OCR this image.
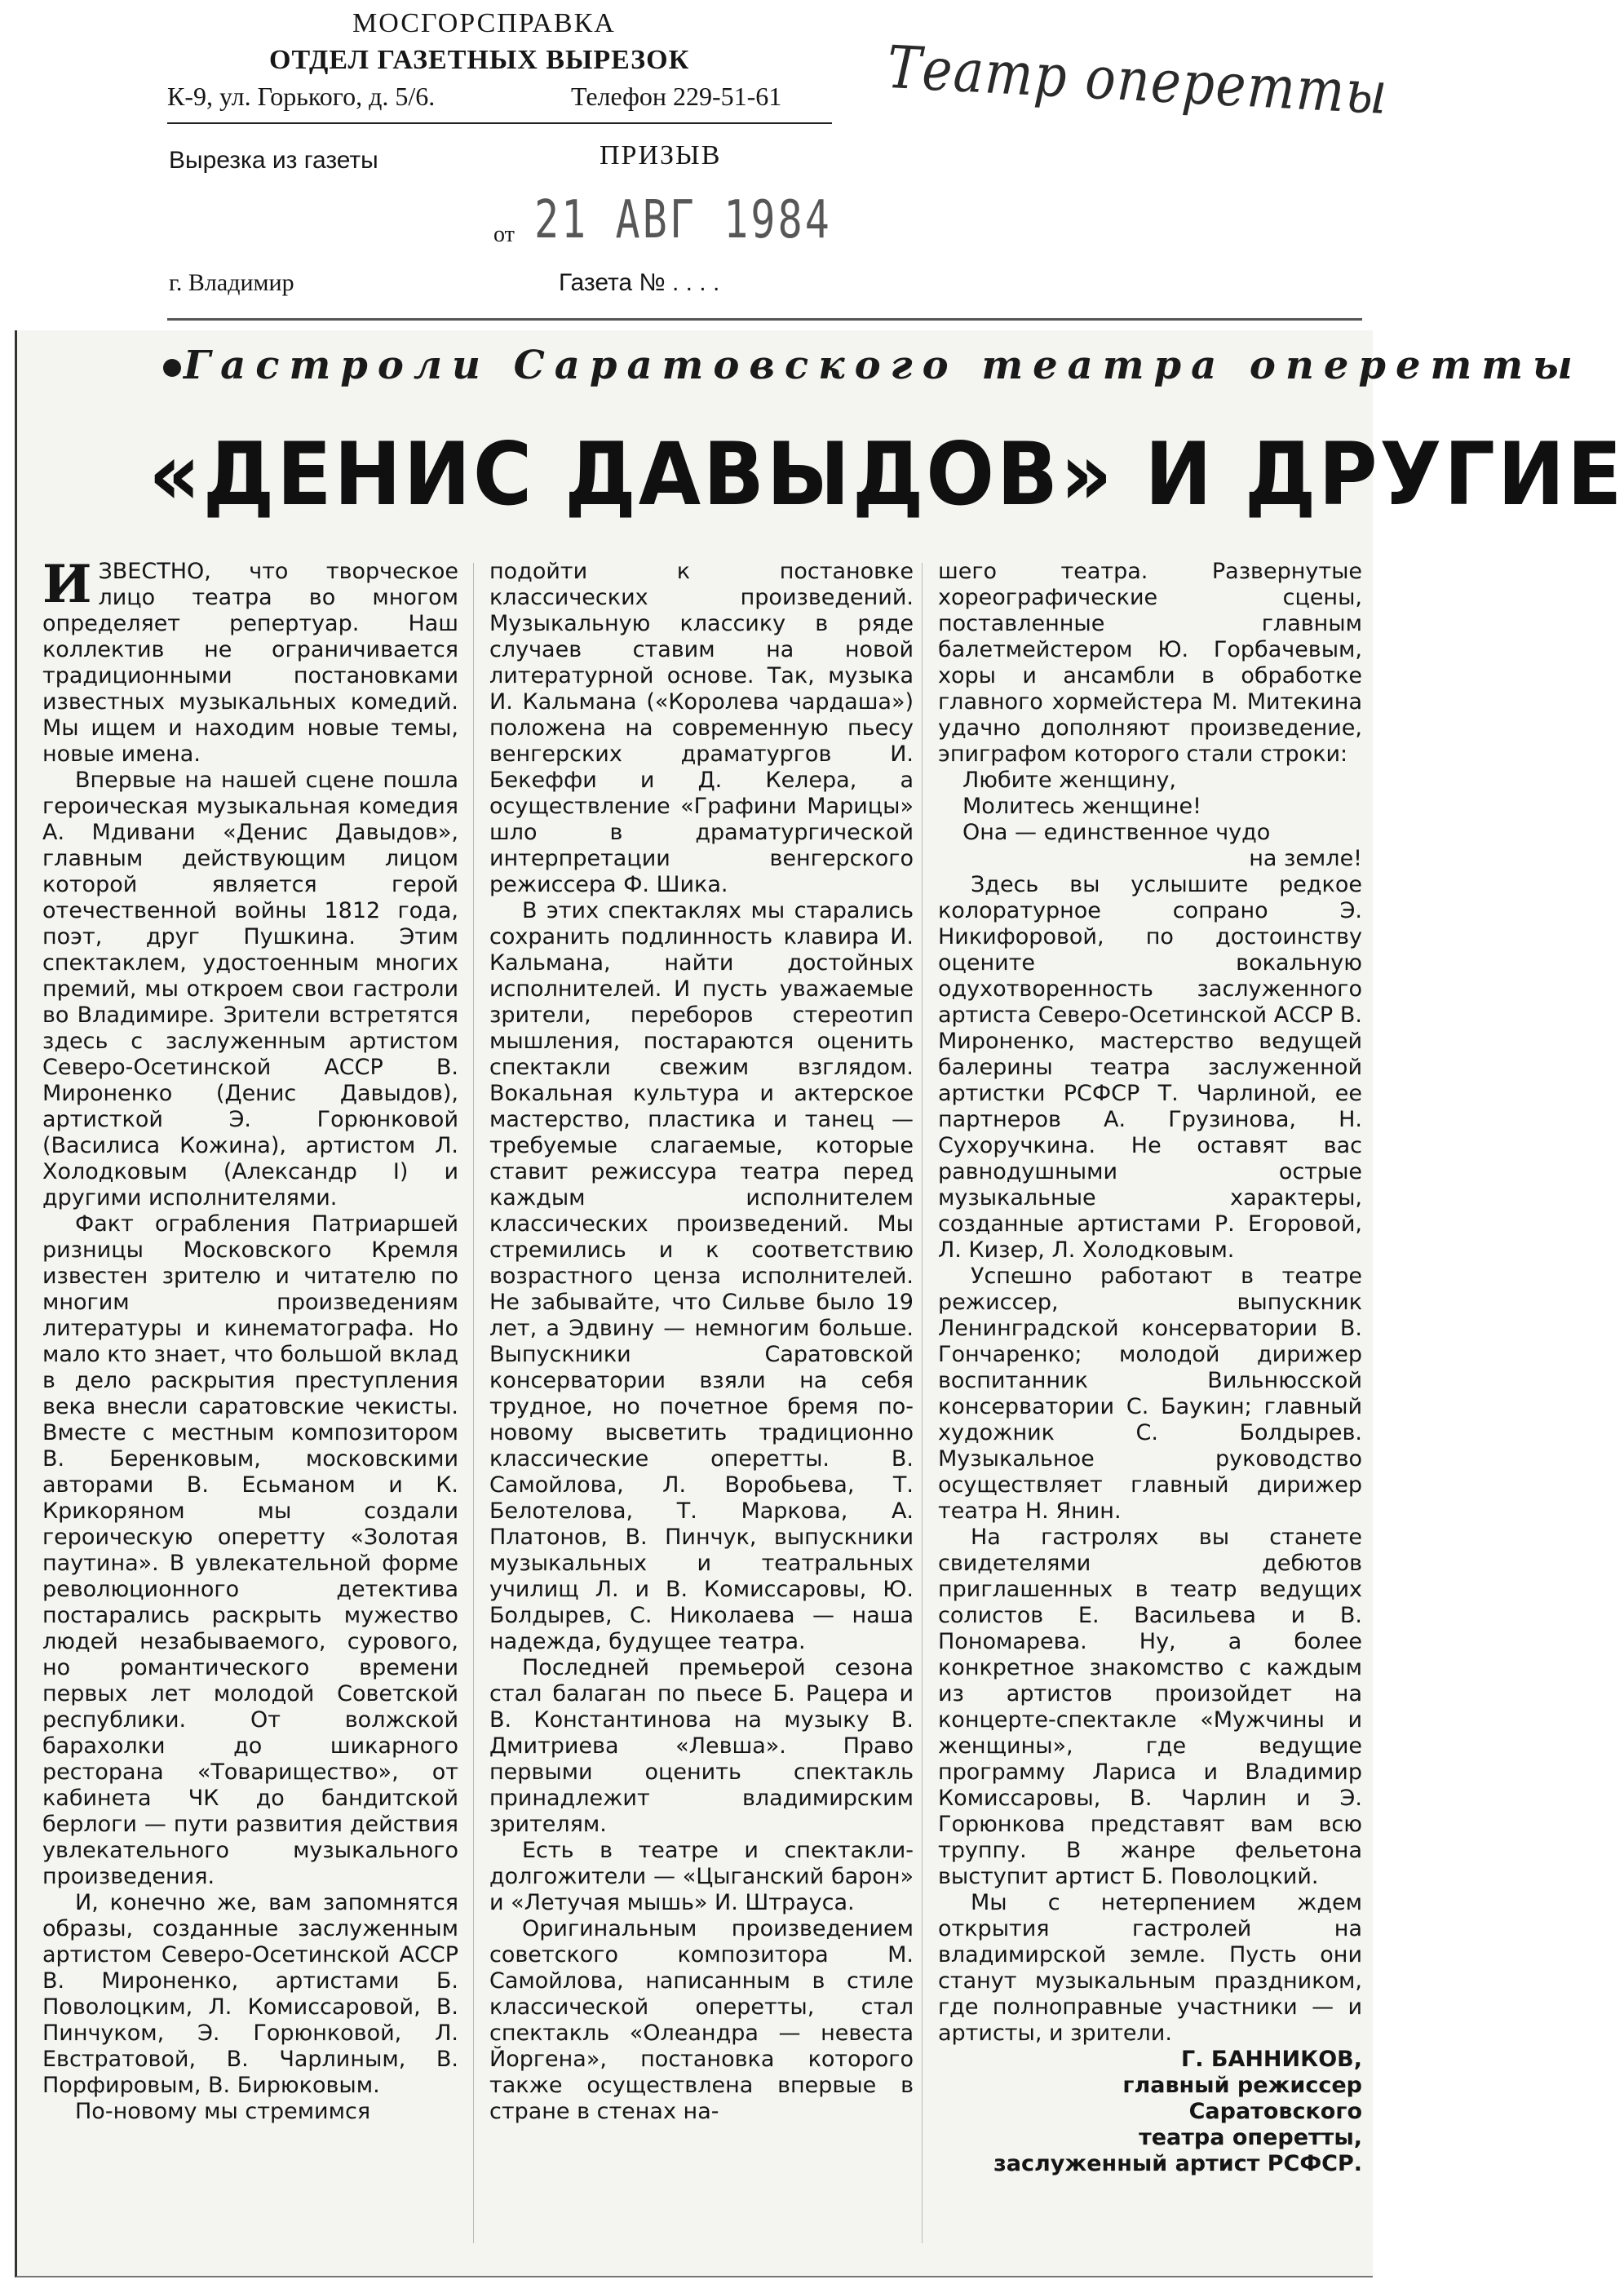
МОСГОРСПРАВКА
ОТДЕЛ ГАЗЕТНЫХ ВЫРЕЗОК
К-9, ул. Горького, д. 5/6.	Телефон 229-51-61
Вырезка из газеты	ПРИЗЫВ
от 21 АВГ 1984
г. Владимир	Газета № . . . .
Театр оперетты
Гастроли Саратовского театра оперетты
«ДЕНИС ДАВЫДОВ» И ДРУГИЕ

ИЗВЕСТНО, что творческое лицо театра во многом определяет репертуар. Наш коллектив не ограничивается традиционными постановками известных музыкальных комедий. Мы ищем и находим новые темы, новые имена.

Впервые на нашей сцене пошла героическая музыкальная комедия А. Мдивани «Денис Давыдов», главным действующим лицом которой является герой отечественной войны 1812 года, поэт, друг Пушкина. Этим спектаклем, удостоенным многих премий, мы откроем свои гастроли во Владимире. Зрители встретятся здесь с заслуженным артистом Северо-Осетинской АССР В. Мироненко (Денис Давыдов), артисткой Э. Горюнковой (Василиса Кожина), артистом Л. Холодковым (Александр I) и другими исполнителями.

Факт ограбления Патриаршей ризницы Московского Кремля известен зрителю и читателю по многим произведениям литературы и кинематографа. Но мало кто знает, что большой вклад в дело раскрытия преступления века внесли саратовские чекисты. Вместе с местным композитором В. Беренковым, московскими авторами В. Есьманом и К. Крикоряном мы создали героическую оперетту «Золотая паутина». В увлекательной форме революционного детектива постарались раскрыть мужество людей незабываемого, сурового, но романтического времени первых лет молодой Советской республики. От волжской барахолки до шикарного ресторана «Товарищество», от кабинета ЧК до бандитской берлоги — пути развития действия увлекательного музыкального произведения.

И, конечно же, вам запомнятся образы, созданные заслуженным артистом Северо-Осетинской АССР В. Мироненко, артистами Б. Поволоцким, Л. Комиссаровой, В. Пинчуком, Э. Горюнковой, Л. Евстратовой, В. Чарлиным, В. Порфировым, В. Бирюковым.

По-новому мы стремимся

подойти к постановке классических произведений. Музыкальную классику в ряде случаев ставим на новой литературной основе. Так, музыка И. Кальмана («Королева чардаша») положена на современную пьесу венгерских драматургов И. Бекеффи и Д. Келера, а осуществление «Графини Марицы» шло в драматургической интерпретации венгерского режиссера Ф. Шика.

В этих спектаклях мы старались сохранить подлинность клавира И. Кальмана, найти достойных исполнителей. И пусть уважаемые зрители, переборов стереотип мышления, постараются оценить спектакли свежим взглядом. Вокальная культура и актерское мастерство, пластика и танец — требуемые слагаемые, которые ставит режиссура театра перед каждым исполнителем классических произведений. Мы стремились и к соответствию возрастного ценза исполнителей. Не забывайте, что Сильве было 19 лет, а Эдвину — немногим больше. Выпускники Саратовской консерватории взяли на себя трудное, но почетное бремя по-новому высветить традиционно классические оперетты. В. Самойлова, Л. Воробьева, Т. Белотелова, Т. Маркова, А. Платонов, В. Пинчук, выпускники музыкальных и театральных училищ Л. и В. Комиссаровы, Ю. Болдырев, С. Николаева — наша надежда, будущее театра.

Последней премьерой сезона стал балаган по пьесе Б. Рацера и В. Константинова на музыку В. Дмитриева «Левша». Право первыми оценить спектакль принадлежит владимирским зрителям.

Есть в театре и спектакли-долгожители — «Цыганский барон» и «Летучая мышь» И. Штрауса.

Оригинальным произведением советского композитора М. Самойлова, написанным в стиле классической оперетты, стал спектакль «Олеандра — невеста Йоргена», постановка которого также осуществлена впервые в стране в стенах на-

шего театра. Развернутые хореографические сцены, поставленные главным балетмейстером Ю. Горбачевым, хоры и ансамбли в обработке главного хормейстера М. Митекина удачно дополняют произведение, эпиграфом которого стали строки:

Любите женщину,
Молитесь женщине!
Она — единственное чудо
на земле!

Здесь вы услышите редкое колоратурное сопрано Э. Никифоровой, по достоинству оцените вокальную одухотворенность заслуженного артиста Северо-Осетинской АССР В. Мироненко, мастерство ведущей балерины театра заслуженной артистки РСФСР Т. Чарлиной, ее партнеров А. Грузинова, Н. Сухоручкина. Не оставят вас равнодушными острые музыкальные характеры, созданные артистами Р. Егоровой, Л. Кизер, Л. Холодковым.

Успешно работают в театре режиссер, выпускник Ленинградской консерватории В. Гончаренко; молодой дирижер воспитанник Вильнюсской консерватории С. Баукин; главный художник С. Болдырев. Музыкальное руководство осуществляет главный дирижер театра Н. Янин.

На гастролях вы станете свидетелями дебютов приглашенных в театр ведущих солистов Е. Васильева и В. Пономарева. Ну, а более конкретное знакомство с каждым из артистов произойдет на концерте-спектакле «Мужчины и женщины», где ведущие программу Лариса и Владимир Комиссаровы, В. Чарлин и Э. Горюнкова представят вам всю труппу. В жанре фельетона выступит артист Б. Поволоцкий.

Мы с нетерпением ждем открытия гастролей на владимирской земле. Пусть они станут музыкальным праздником, где полноправные участники — и артисты, и зрители.

Г. БАННИКОВ,
главный режиссер
Саратовского
театра оперетты,
заслуженный артист РСФСР.
